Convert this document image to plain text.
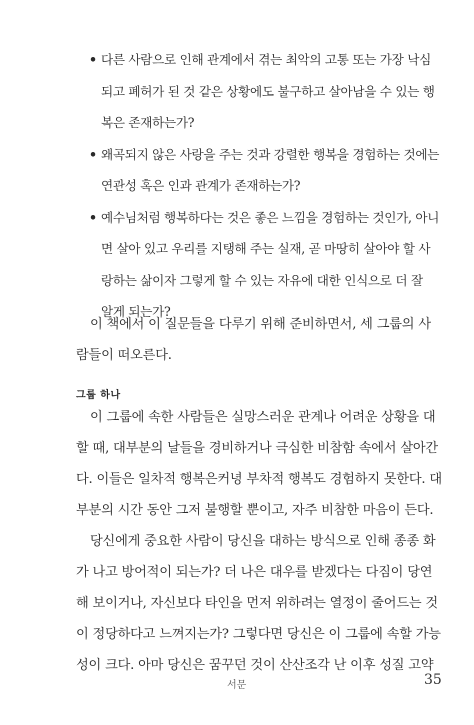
• 다른 사람으로 인해 관계에서 겪는 최악의 고통 또는 가장 낙심
되고 폐허가 된 것 같은 상황에도 불구하고 살아남을 수 있는 행
복은 존재하는가?
• 왜곡되지 않은 사랑을 주는 것과 강렬한 행복을 경험하는 것에는
연관성 혹은 인과 관계가 존재하는가?
• 예수님처럼 행복하다는 것은 좋은 느낌을 경험하는 것인가, 아니
면 살아 있고 우리를 지탱해 주는 실재, 곧 마땅히 살아야 할 사
랑하는 삶이자 그렇게 할 수 있는 자유에 대한 인식으로 더 잘
알게 되는가?
이 책에서 이 질문들을 다루기 위해 준비하면서, 세 그룹의 사
람들이 떠오른다.
그룹 하나
이 그룹에 속한 사람들은 실망스러운 관계나 어려운 상황을 대
할 때, 대부분의 날들을 경비하거나 극심한 비참함 속에서 살아간
다. 이들은 일차적 행복은커녕 부차적 행복도 경험하지 못한다. 대
부분의 시간 동안 그저 불행할 뿐이고, 자주 비참한 마음이 든다.
당신에게 중요한 사람이 당신을 대하는 방식으로 인해 종종 화
가 나고 방어적이 되는가? 더 나은 대우를 받겠다는 다짐이 당연
해 보이거나, 자신보다 타인을 먼저 위하려는 열정이 줄어드는 것
이 정당하다고 느껴지는가? 그렇다면 당신은 이 그룹에 속할 가능
성이 크다. 아마 당신은 꿈꾸던 것이 산산조각 난 이후 성질 고약
서문	35
